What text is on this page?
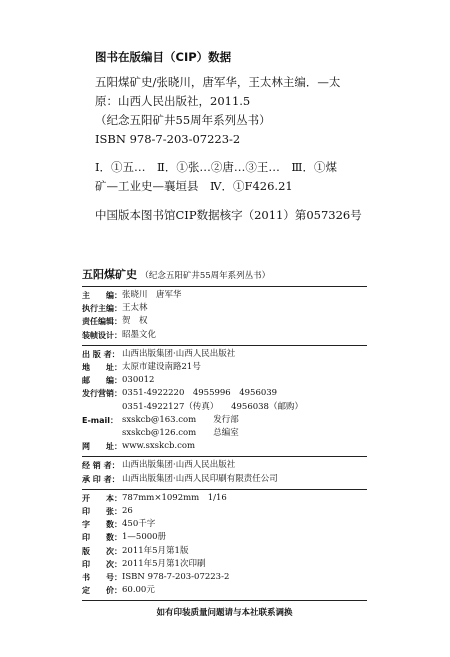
图书在版编目（CIP）数据
五阳煤矿史/张晓川，唐军华，王太林主编．—太
原：山西人民出版社，2011.5
（纪念五阳矿井55周年系列丛书）
ISBN 978-7-203-07223-2
Ⅰ．①五…　Ⅱ．①张…②唐…③王…　Ⅲ．①煤
矿—工业史—襄垣县　Ⅳ．①F426.21
中国版本图书馆CIP数据核字（2011）第057326号
五阳煤矿史 （纪念五阳矿井55周年系列丛书）
主　　编： 张晓川　唐军华
执行主编： 王太林
责任编辑： 贺　权
装帧设计： 昭墨文化
出 版 者： 山西出版集团·山西人民出版社
地　　址： 太原市建设南路21号
邮　　编： 030012
发行营销： 0351-4922220　4955996　4956039
0351-4922127（传真）　　4956038（邮购）
E-mail： sxskcb@163.com　　发行部
sxskcb@126.com　　总编室
网　　址： www.sxskcb.com
经 销 者： 山西出版集团·山西人民出版社
承 印 者： 山西出版集团·山西人民印刷有限责任公司
开　　本： 787mm×1092mm　1/16
印　　张： 26
字　　数： 450千字
印　　数： 1—5000册
版　　次： 2011年5月第1版
印　　次： 2011年5月第1次印刷
书　　号： ISBN 978-7-203-07223-2
定　　价： 60.00元
如有印装质量问题请与本社联系调换
